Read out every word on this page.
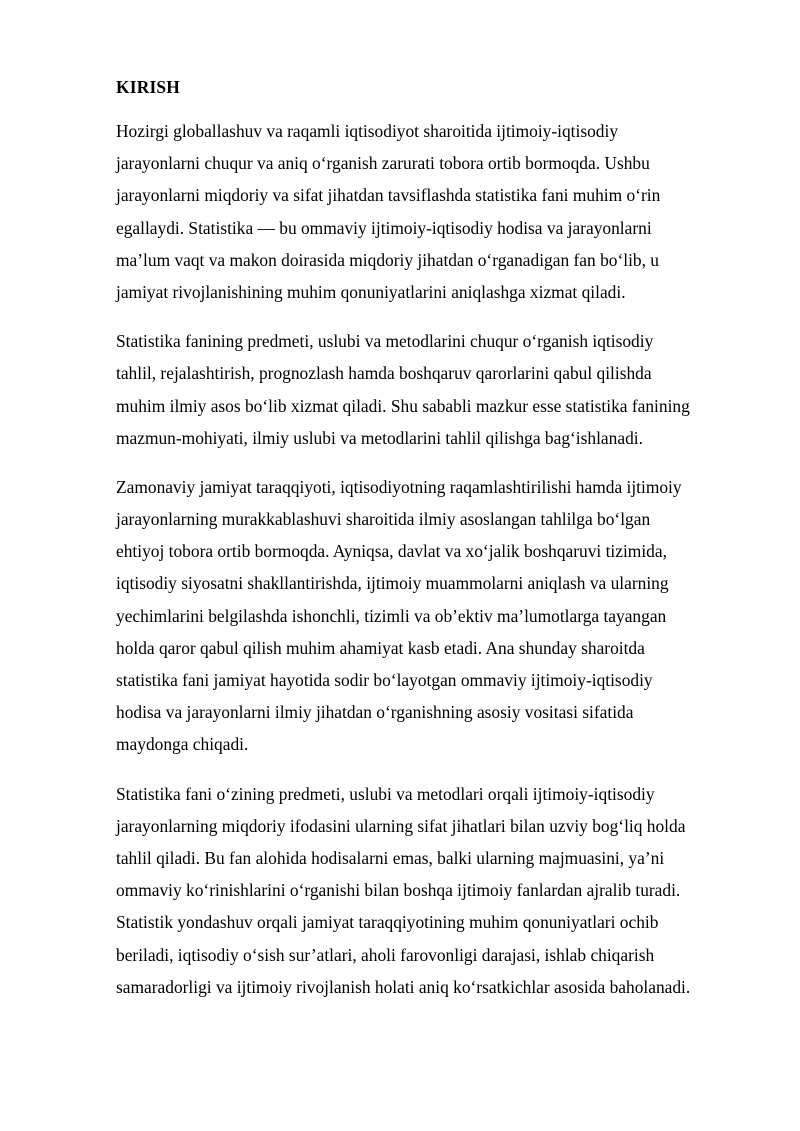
KIRISH
Hozirgi globallashuv va raqamli iqtisodiyot sharoitida ijtimoiy-iqtisodiy
jarayonlarni chuqur va aniq o‘rganish zarurati tobora ortib bormoqda. Ushbu
jarayonlarni miqdoriy va sifat jihatdan tavsiflashda statistika fani muhim o‘rin
egallaydi. Statistika — bu ommaviy ijtimoiy-iqtisodiy hodisa va jarayonlarni
ma’lum vaqt va makon doirasida miqdoriy jihatdan o‘rganadigan fan bo‘lib, u
jamiyat rivojlanishining muhim qonuniyatlarini aniqlashga xizmat qiladi.
Statistika fanining predmeti, uslubi va metodlarini chuqur o‘rganish iqtisodiy
tahlil, rejalashtirish, prognozlash hamda boshqaruv qarorlarini qabul qilishda
muhim ilmiy asos bo‘lib xizmat qiladi. Shu sababli mazkur esse statistika fanining
mazmun-mohiyati, ilmiy uslubi va metodlarini tahlil qilishga bag‘ishlanadi.
Zamonaviy jamiyat taraqqiyoti, iqtisodiyotning raqamlashtirilishi hamda ijtimoiy
jarayonlarning murakkablashuvi sharoitida ilmiy asoslangan tahlilga bo‘lgan
ehtiyoj tobora ortib bormoqda. Ayniqsa, davlat va xo‘jalik boshqaruvi tizimida,
iqtisodiy siyosatni shakllantirishda, ijtimoiy muammolarni aniqlash va ularning
yechimlarini belgilashda ishonchli, tizimli va ob’ektiv ma’lumotlarga tayangan
holda qaror qabul qilish muhim ahamiyat kasb etadi. Ana shunday sharoitda
statistika fani jamiyat hayotida sodir bo‘layotgan ommaviy ijtimoiy-iqtisodiy
hodisa va jarayonlarni ilmiy jihatdan o‘rganishning asosiy vositasi sifatida
maydonga chiqadi.
Statistika fani o‘zining predmeti, uslubi va metodlari orqali ijtimoiy-iqtisodiy
jarayonlarning miqdoriy ifodasini ularning sifat jihatlari bilan uzviy bog‘liq holda
tahlil qiladi. Bu fan alohida hodisalarni emas, balki ularning majmuasini, ya’ni
ommaviy ko‘rinishlarini o‘rganishi bilan boshqa ijtimoiy fanlardan ajralib turadi.
Statistik yondashuv orqali jamiyat taraqqiyotining muhim qonuniyatlari ochib
beriladi, iqtisodiy o‘sish sur’atlari, aholi farovonligi darajasi, ishlab chiqarish
samaradorligi va ijtimoiy rivojlanish holati aniq ko‘rsatkichlar asosida baholanadi.
